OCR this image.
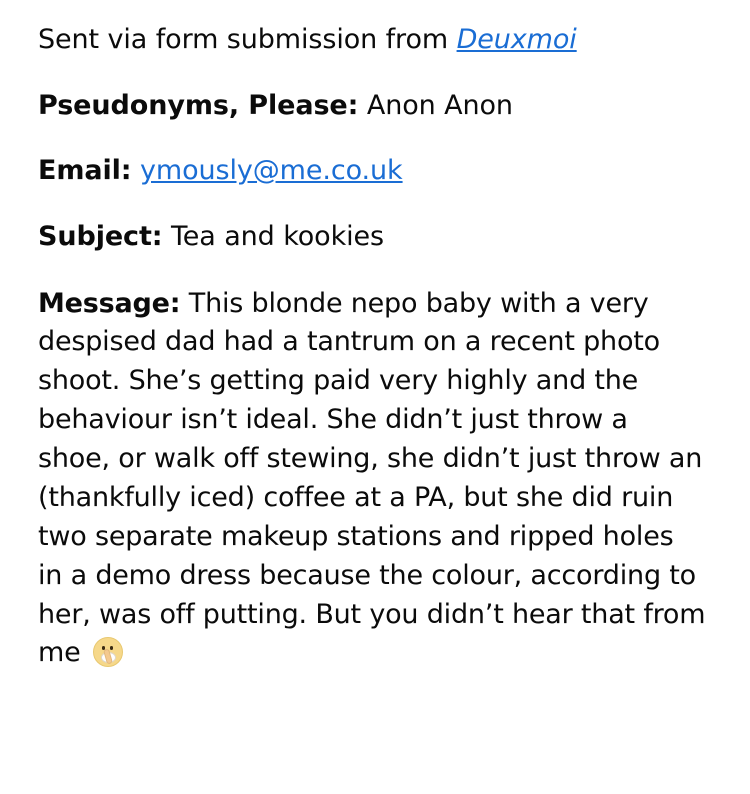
Sent via form submission from Deuxmoi

Pseudonyms, Please: Anon Anon

Email: ymously@me.co.uk

Subject: Tea and kookies

Message: This blonde nepo baby with a very despised dad had a tantrum on a recent photo shoot. She’s getting paid very highly and the behaviour isn’t ideal. She didn’t just throw a shoe, or walk off stewing, she didn’t just throw an (thankfully iced) coffee at a PA, but she did ruin two separate makeup stations and ripped holes in a demo dress because the colour, according to her, was off putting. But you didn’t hear that from me
